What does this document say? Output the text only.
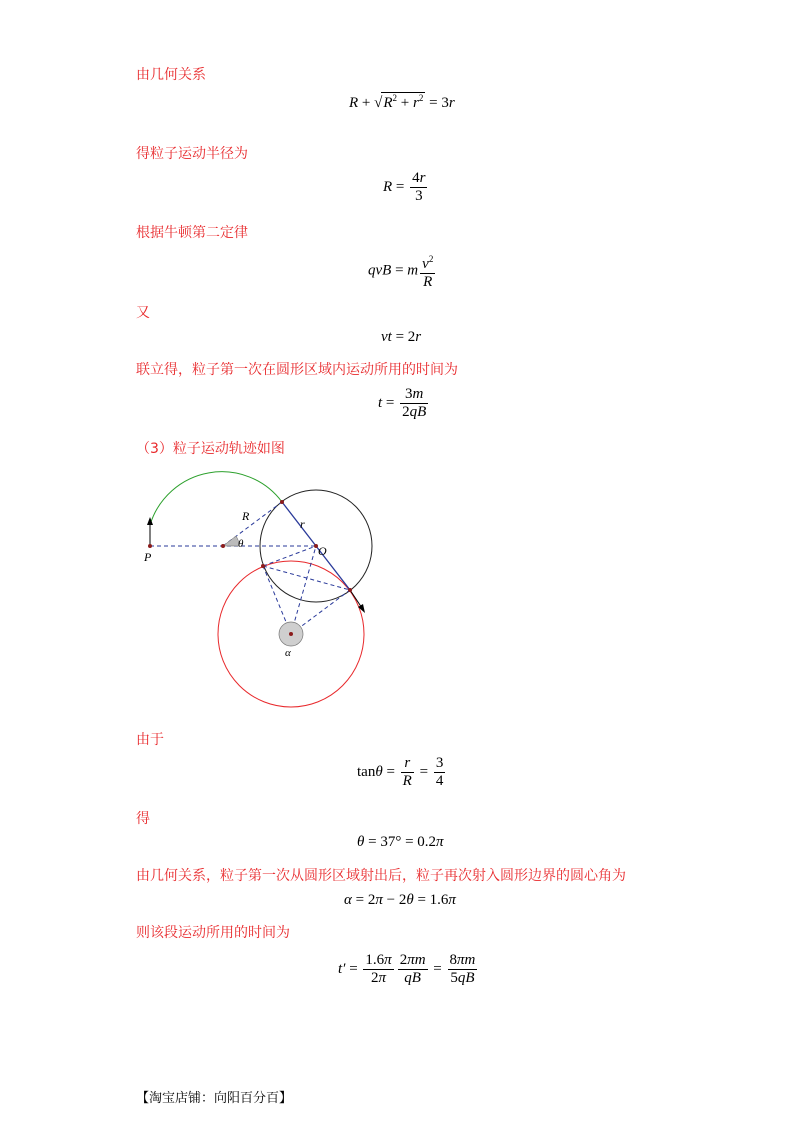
由几何关系
$R + √R^2 + r^2 = 3r$
得粒子运动半径为
$R = \frac{4r}{3}$
根据牛顿第二定律
qvB = m $\frac{v^2}{R}$
又
vt = 2r
联立得，粒子第一次在圆形区域内运动所用的时间为
$t = \frac{3m}{2qB}$
（3）粒子运动轨迹如图
P
R
r
θ	O
α
由于
$\tan\theta = \frac{r}{R} = \frac{3}{4}$
得
θ = 37° = 0.2π
由几何关系，粒子第一次从圆形区域射出后，粒子再次射入圆形边界的圆心角为
α = 2π − 2θ = 1.6π
则该段运动所用的时间为
$t' = \frac{1.6\pi}{2\pi} \frac{2\pi m}{qB} = \frac{8\pi m}{5qB}$
【淘宝店铺：向阳百分百】
